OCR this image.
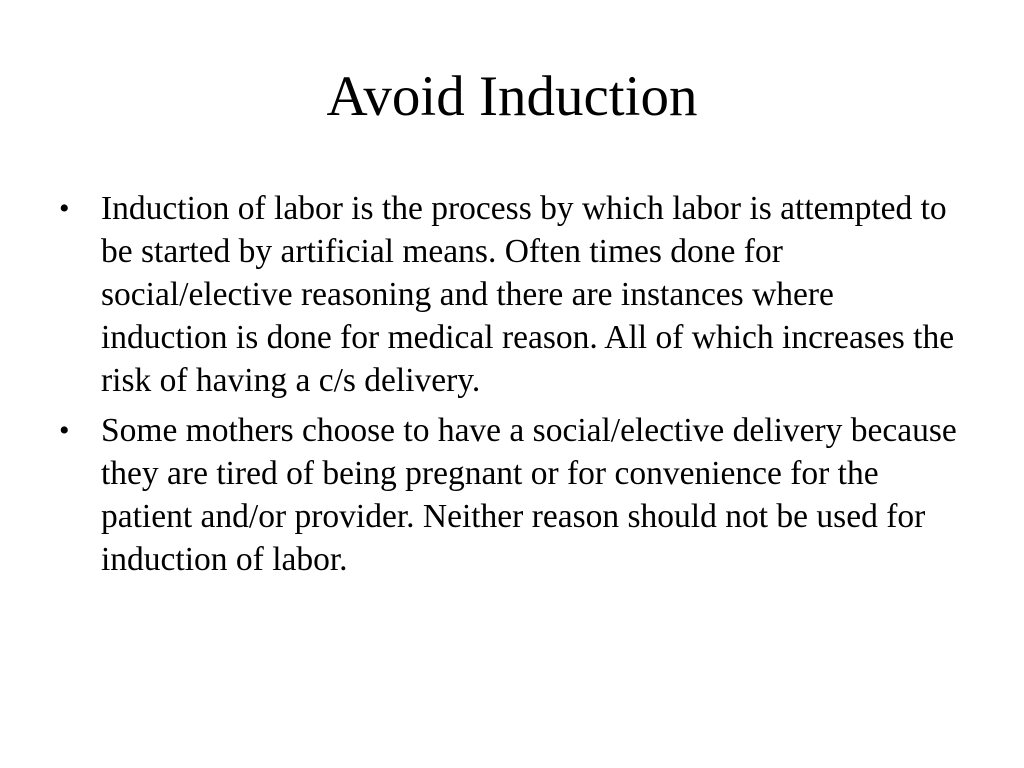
Avoid Induction
• Induction of labor is the process by which labor is attempted to be started by artificial means. Often times done for social/elective reasoning and there are instances where induction is done for medical reason. All of which increases the risk of having a c/s delivery.
• Some mothers choose to have a social/elective delivery because they are tired of being pregnant or for convenience for the patient and/or provider. Neither reason should not be used for induction of labor.
